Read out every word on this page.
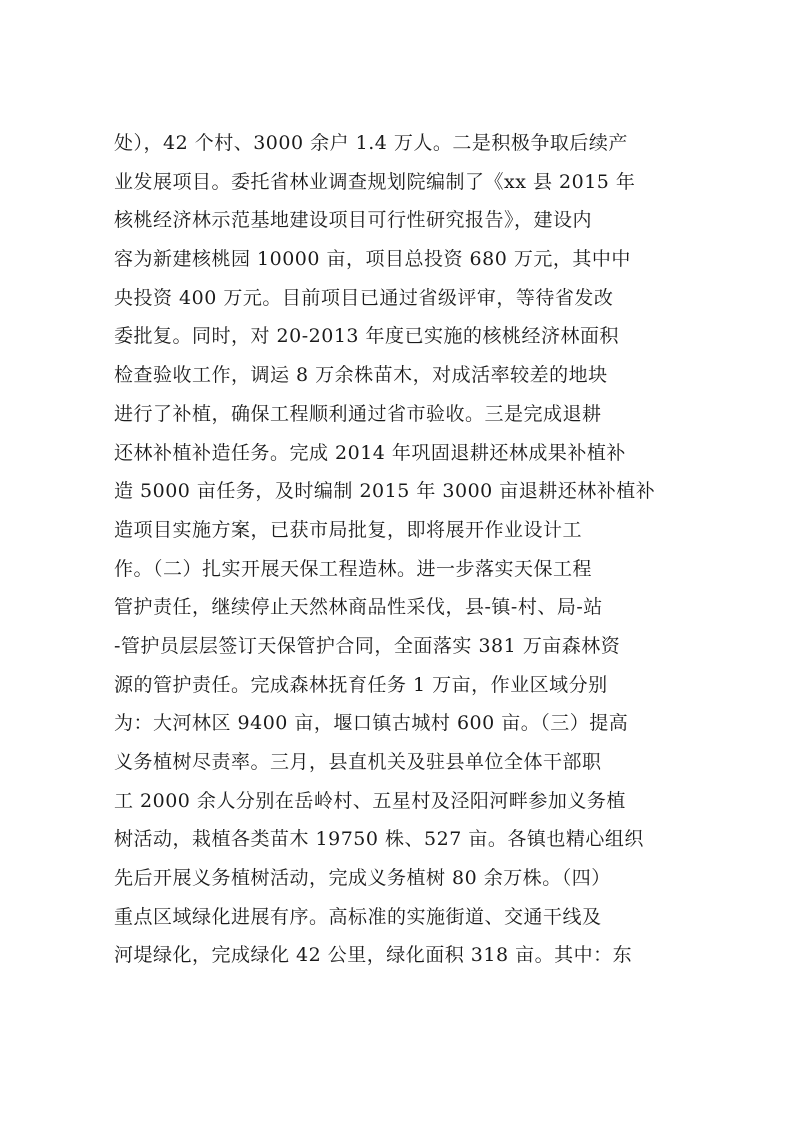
处），42 个村、3000 余户 1.4 万人。二是积极争取后续产
业发展项目。委托省林业调查规划院编制了《xx 县 2015 年
核桃经济林示范基地建设项目可行性研究报告》，建设内
容为新建核桃园 10000 亩，项目总投资 680 万元，其中中
央投资 400 万元。目前项目已通过省级评审，等待省发改
委批复。同时，对 20-2013 年度已实施的核桃经济林面积
检查验收工作，调运 8 万余株苗木，对成活率较差的地块
进行了补植，确保工程顺利通过省市验收。三是完成退耕
还林补植补造任务。完成 2014 年巩固退耕还林成果补植补
造 5000 亩任务，及时编制 2015 年 3000 亩退耕还林补植补
造项目实施方案，已获市局批复，即将展开作业设计工
作。（二）扎实开展天保工程造林。进一步落实天保工程
管护责任，继续停止天然林商品性采伐，县-镇-村、局-站
-管护员层层签订天保管护合同，全面落实 381 万亩森林资
源的管护责任。完成森林抚育任务 1 万亩，作业区域分别
为：大河林区 9400 亩，堰口镇古城村 600 亩。（三）提高
义务植树尽责率。三月，县直机关及驻县单位全体干部职
工 2000 余人分别在岳岭村、五星村及泾阳河畔参加义务植
树活动，栽植各类苗木 19750 株、527 亩。各镇也精心组织
先后开展义务植树活动，完成义务植树 80 余万株。（四）
重点区域绿化进展有序。高标准的实施街道、交通干线及
河堤绿化，完成绿化 42 公里，绿化面积 318 亩。其中：东
